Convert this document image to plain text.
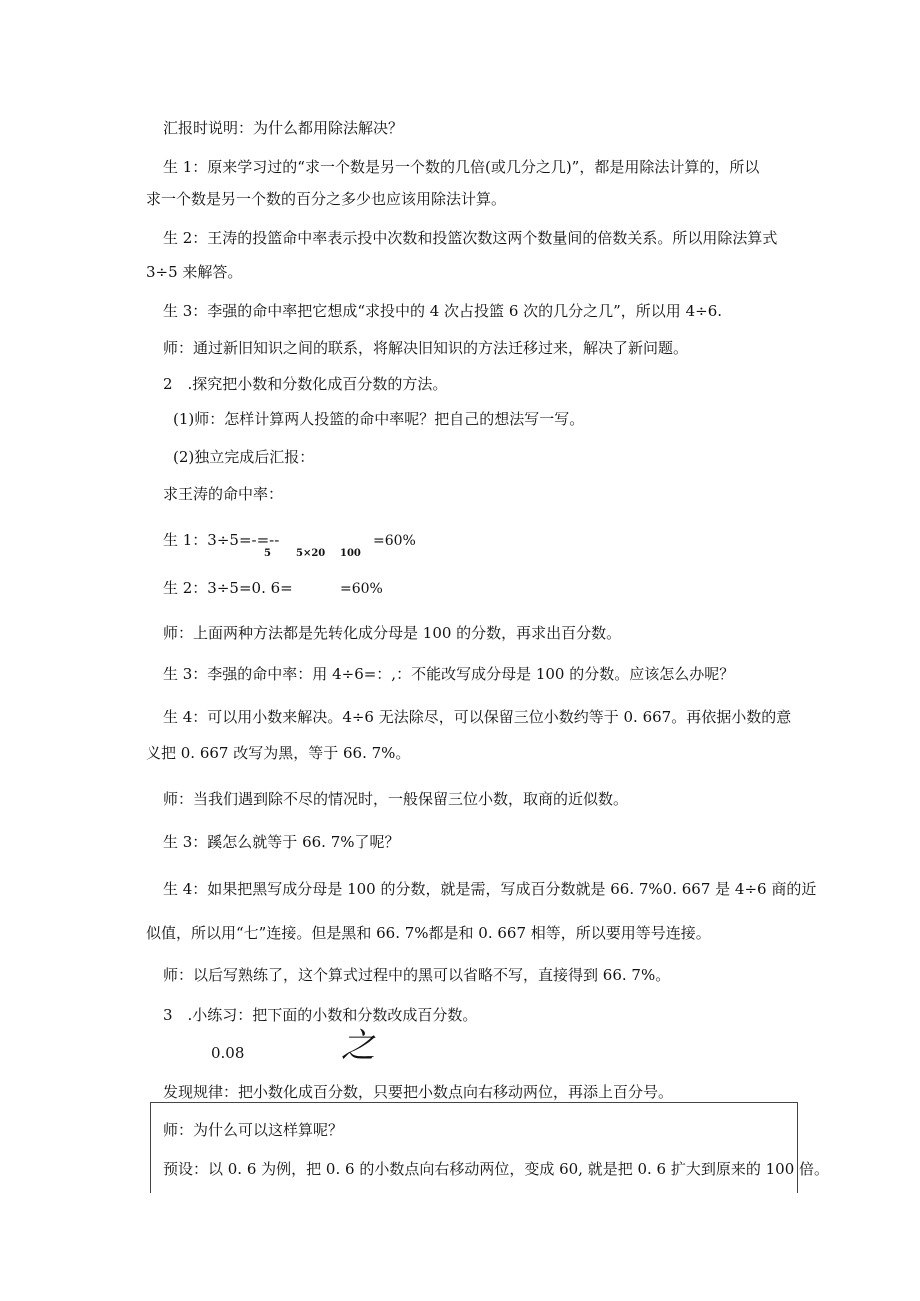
汇报时说明：为什么都用除法解决？
生 1：原来学习过的“求一个数是另一个数的几倍(或几分之几)”，都是用除法计算的，所以
求一个数是另一个数的百分之多少也应该用除法计算。
生 2：王涛的投篮命中率表示投中次数和投篮次数这两个数量间的倍数关系。所以用除法算式
3÷5 来解答。
生 3：李强的命中率把它想成“求投中的 4 次占投篮 6 次的几分之几”，所以用 4÷6.
师：通过新旧知识之间的联系，将解决旧知识的方法迁移过来，解决了新问题。
2　.探究把小数和分数化成百分数的方法。
(1)师：怎样计算两人投篮的命中率呢？把自己的想法写一写。
(2)独立完成后汇报：
求王涛的命中率：
生 1：3÷5=-=--
5	5×20 100
=60%
生 2：3÷5=0. 6=	=60%
师：上面两种方法都是先转化成分母是 100 的分数，再求出百分数。
生 3：李强的命中率：用 4÷6=：,：不能改写成分母是 100 的分数。应该怎么办呢？
生 4：可以用小数来解决。4÷6 无法除尽，可以保留三位小数约等于 0. 667。再依据小数的意
义把 0. 667 改写为黑，等于 66. 7%。
师：当我们遇到除不尽的情况时，一般保留三位小数，取商的近似数。
生 3：蹊怎么就等于 66. 7%了呢？
生 4：如果把黑写成分母是 100 的分数，就是需，写成百分数就是 66. 7%0. 667 是 4÷6 商的近
似值，所以用“七”连接。但是黑和 66. 7%都是和 0. 667 相等，所以要用等号连接。
师：以后写熟练了，这个算式过程中的黑可以省略不写，直接得到 66. 7%。
3　.小练习：把下面的小数和分数改成百分数。
0.08	之
发现规律：把小数化成百分数，只要把小数点向右移动两位，再添上百分号。
师：为什么可以这样算呢？
预设：以 0. 6 为例，把 0. 6 的小数点向右移动两位，变成 60, 就是把 0. 6 扩大到原来的 100 倍。
